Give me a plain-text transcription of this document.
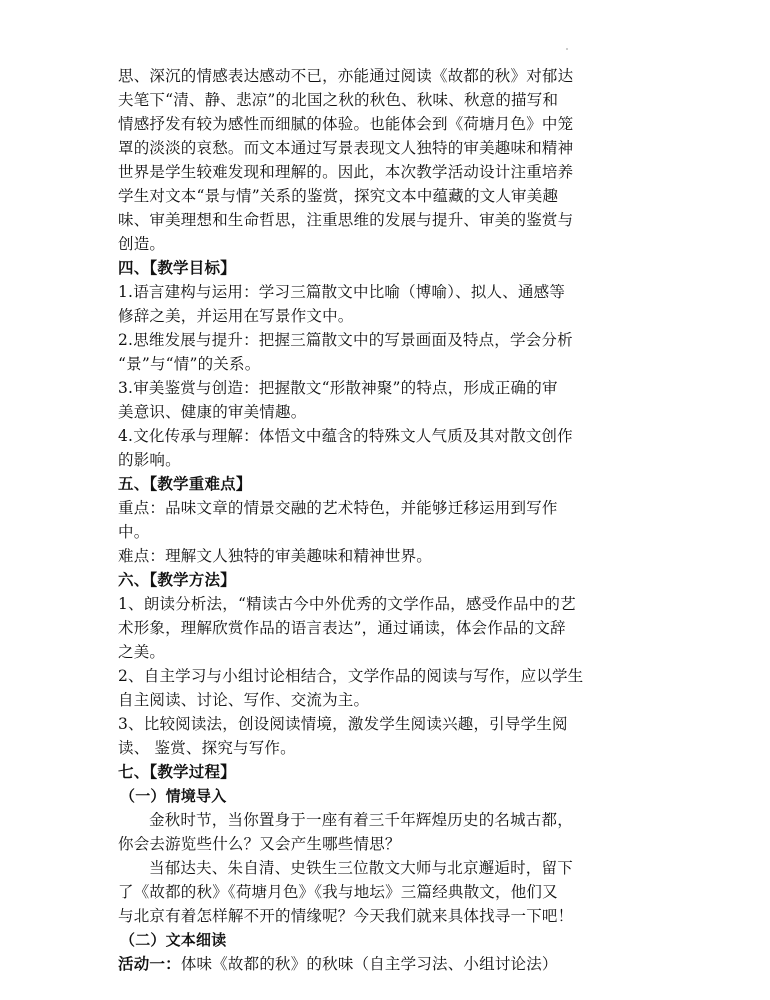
思、深沉的情感表达感动不已，亦能通过阅读《故都的秋》对郁达
夫笔下“清、静、悲凉”的北国之秋的秋色、秋味、秋意的描写和
情感抒发有较为感性而细腻的体验。也能体会到《荷塘月色》中笼
罩的淡淡的哀愁。而文本通过写景表现文人独特的审美趣味和精神
世界是学生较难发现和理解的。因此，本次教学活动设计注重培养
学生对文本“景与情”关系的鉴赏，探究文本中蕴藏的文人审美趣
味、审美理想和生命哲思，注重思维的发展与提升、审美的鉴赏与
创造。
四、【教学目标】
1.语言建构与运用：学习三篇散文中比喻（博喻）、拟人、通感等
修辞之美，并运用在写景作文中。
2.思维发展与提升：把握三篇散文中的写景画面及特点，学会分析
“景”与“情”的关系。
3.审美鉴赏与创造：把握散文“形散神聚”的特点，形成正确的审
美意识、健康的审美情趣。
4.文化传承与理解：体悟文中蕴含的特殊文人气质及其对散文创作
的影响。
五、【教学重难点】
重点：品味文章的情景交融的艺术特色，并能够迁移运用到写作
中。
难点：理解文人独特的审美趣味和精神世界。
六、【教学方法】
1、朗读分析法，“精读古今中外优秀的文学作品，感受作品中的艺
术形象，理解欣赏作品的语言表达”，通过诵读，体会作品的文辞
之美。
2、自主学习与小组讨论相结合，文学作品的阅读与写作，应以学生
自主阅读、讨论、写作、交流为主。
3、比较阅读法，创设阅读情境，激发学生阅读兴趣，引导学生阅
读、 鉴赏、探究与写作。
七、【教学过程】
（一）情境导入
金秋时节，当你置身于一座有着三千年辉煌历史的名城古都，
你会去游览些什么？又会产生哪些情思？
当郁达夫、朱自清、史铁生三位散文大师与北京邂逅时，留下
了《故都的秋》《荷塘月色》《我与地坛》三篇经典散文，他们又
与北京有着怎样解不开的情缘呢？今天我们就来具体找寻一下吧！
（二）文本细读
活动一：体味《故都的秋》的秋味（自主学习法、小组讨论法）
